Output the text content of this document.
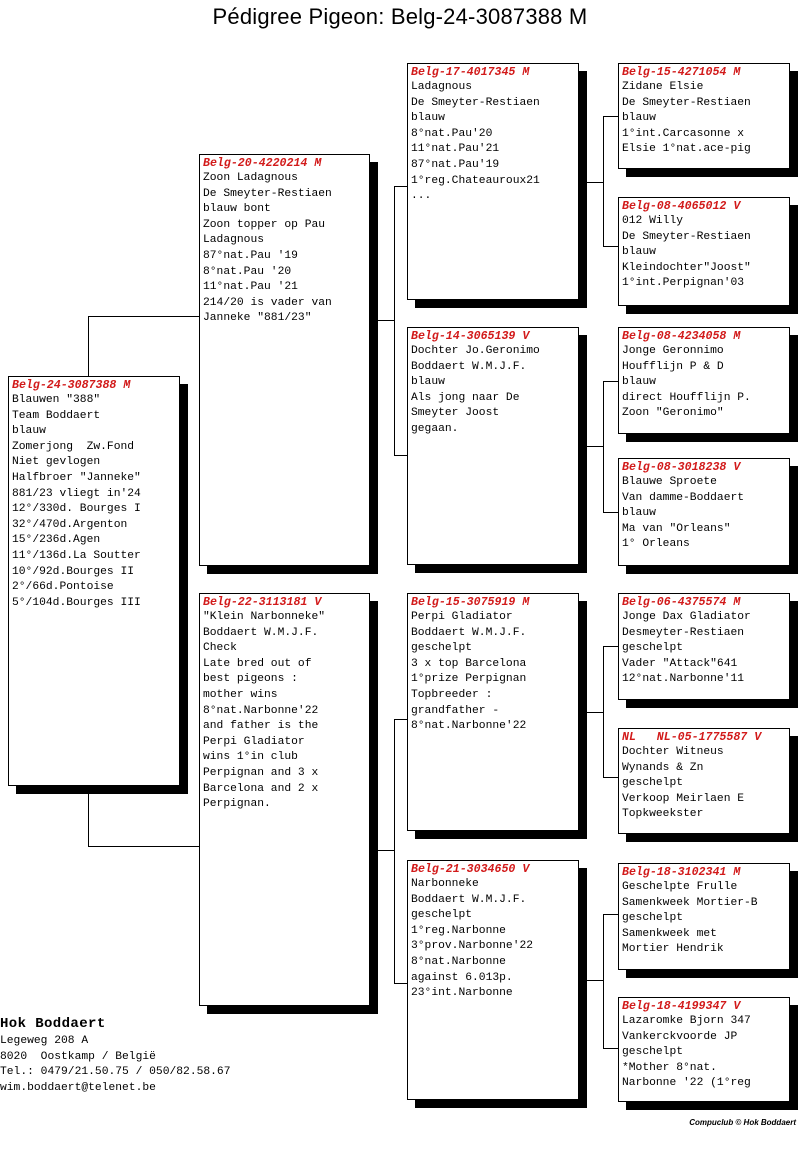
Pédigree Pigeon: Belg-24-3087388 M
Belg-24-3087388 M
Blauwen "388"
Team Boddaert
blauw
Zomerjong  Zw.Fond
Niet gevlogen
Halfbroer "Janneke"
881/23 vliegt in'24
12°/330d. Bourges I
32°/470d.Argenton
15°/236d.Agen
11°/136d.La Soutter
10°/92d.Bourges II
2°/66d.Pontoise
5°/104d.Bourges III
Belg-20-4220214 M
Zoon Ladagnous
De Smeyter-Restiaen
blauw bont
Zoon topper op Pau
Ladagnous
87°nat.Pau '19
8°nat.Pau '20
11°nat.Pau '21
214/20 is vader van
Janneke "881/23"
Belg-22-3113181 V
"Klein Narbonneke"
Boddaert W.M.J.F.
Check
Late bred out of
best pigeons :
mother wins
8°nat.Narbonne'22
and father is the
Perpi Gladiator
wins 1°in club
Perpignan and 3 x
Barcelona and 2 x
Perpignan.
Belg-17-4017345 M
Ladagnous
De Smeyter-Restiaen
blauw
8°nat.Pau'20
11°nat.Pau'21
87°nat.Pau'19
1°reg.Chateauroux21
...
Belg-14-3065139 V
Dochter Jo.Geronimo
Boddaert W.M.J.F.
blauw
Als jong naar De
Smeyter Joost
gegaan.
Belg-15-3075919 M
Perpi Gladiator
Boddaert W.M.J.F.
geschelpt
3 x top Barcelona
1°prize Perpignan
Topbreeder :
grandfather -
8°nat.Narbonne'22
Belg-21-3034650 V
Narbonneke
Boddaert W.M.J.F.
geschelpt
1°reg.Narbonne
3°prov.Narbonne'22
8°nat.Narbonne
against 6.013p.
23°int.Narbonne
Belg-15-4271054 M
Zidane Elsie
De Smeyter-Restiaen
blauw
1°int.Carcasonne x
Elsie 1°nat.ace-pig
Belg-08-4065012 V
012 Willy
De Smeyter-Restiaen
blauw
Kleindochter"Joost"
1°int.Perpignan'03
Belg-08-4234058 M
Jonge Geronnimo
Houfflijn P & D
blauw
direct Houfflijn P.
Zoon "Geronimo"
Belg-08-3018238 V
Blauwe Sproete
Van damme-Boddaert
blauw
Ma van "Orleans"
1° Orleans
Belg-06-4375574 M
Jonge Dax Gladiator
Desmeyter-Restiaen
geschelpt
Vader "Attack"641
12°nat.Narbonne'11
NL   NL-05-1775587 V
Dochter Witneus
Wynands & Zn
geschelpt
Verkoop Meirlaen E
Topkweekster
Belg-18-3102341 M
Geschelpte Frulle
Samenkweek Mortier-B
geschelpt
Samenkweek met
Mortier Hendrik
Belg-18-4199347 V
Lazaromke Bjorn 347
Vankerckvoorde JP
geschelpt
*Mother 8°nat.
Narbonne '22 (1°reg
Hok Boddaert
Legeweg 208 A
8020  Oostkamp / België
Tel.: 0479/21.50.75 / 050/82.58.67
wim.boddaert@telenet.be
Compuclub © Hok Boddaert
